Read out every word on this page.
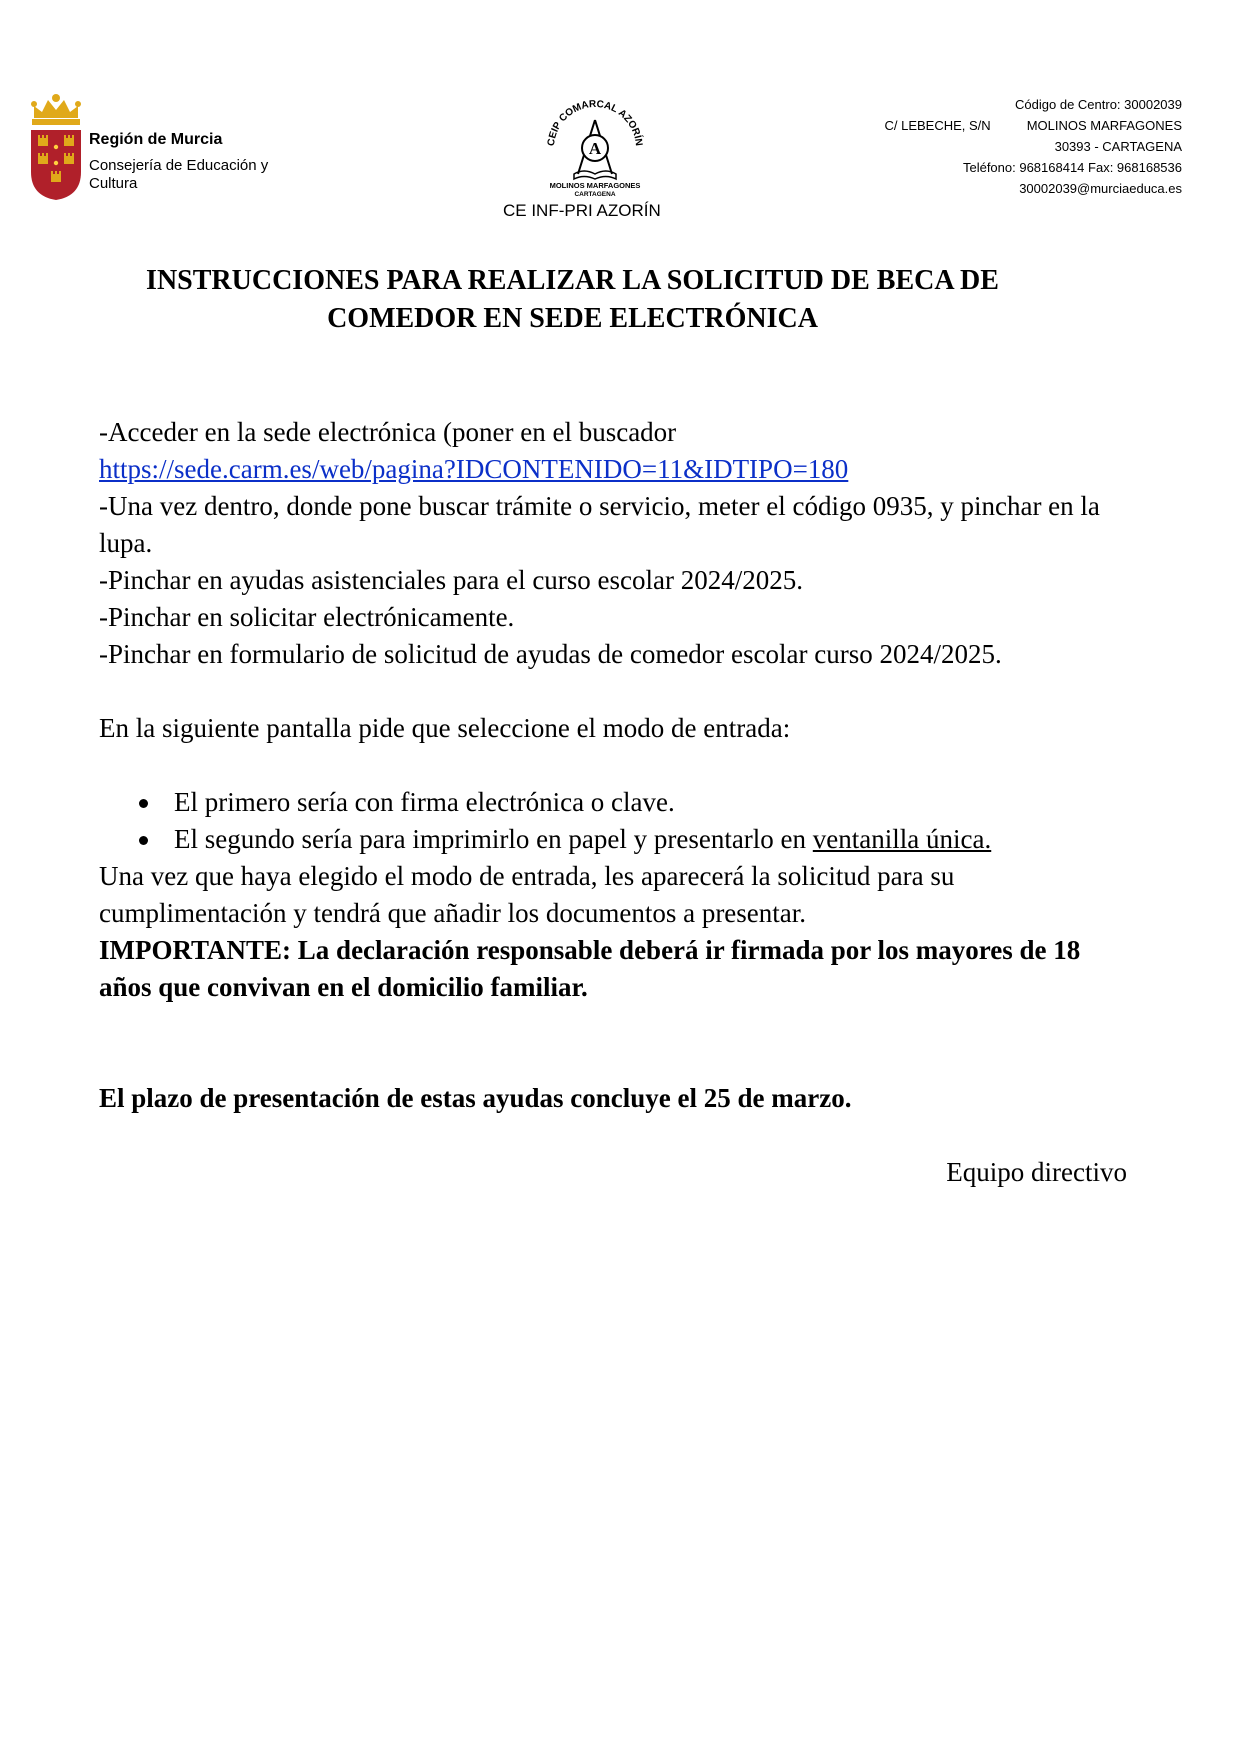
Región de Murcia
Consejería de Educación y Cultura
CEIP COMARCAL AZORÍN
A
MOLINOS MARFAGONES
CARTAGENA
CE INF-PRI AZORÍN
Código de Centro: 30002039
C/ LEBECHE, S/N	MOLINOS MARFAGONES
30393 - CARTAGENA
Teléfono: 968168414 Fax: 968168536
30002039@murciaeduca.es
INSTRUCCIONES PARA REALIZAR LA SOLICITUD DE BECA DE
COMEDOR EN SEDE ELECTRÓNICA

-Acceder en la sede electrónica (poner en el buscador

https://sede.carm.es/web/pagina?IDCONTENIDO=11&IDTIPO=180

-Una vez dentro, donde pone buscar trámite o servicio, meter el código 0935, y pinchar en la lupa.

-Pinchar en ayudas asistenciales para el curso escolar 2024/2025.

-Pinchar en solicitar electrónicamente.

-Pinchar en formulario de solicitud de ayudas de comedor escolar curso 2024/2025.

En la siguiente pantalla pide que seleccione el modo de entrada:

El primero sería con firma electrónica o clave.
El segundo sería para imprimirlo en papel y presentarlo en ventanilla única.

Una vez que haya elegido el modo de entrada, les aparecerá la solicitud para su cumplimentación y tendrá que añadir los documentos a presentar.

IMPORTANTE: La declaración responsable deberá ir firmada por los mayores de 18 años que convivan en el domicilio familiar.

El plazo de presentación de estas ayudas concluye el 25 de marzo.

Equipo directivo
